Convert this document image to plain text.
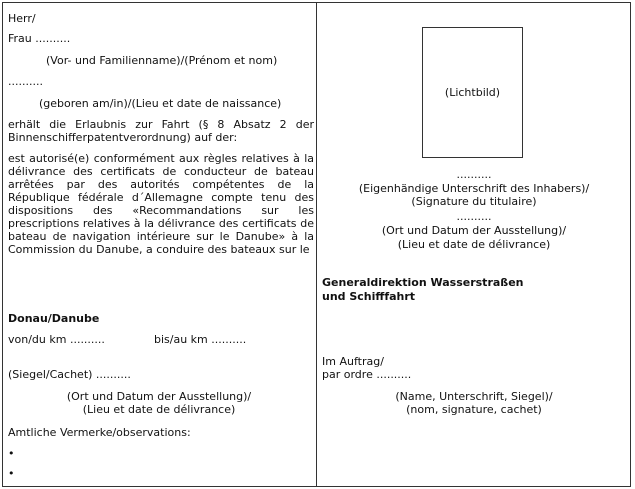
Herr/
Frau ..........
(Vor- und Familienname)/(Prénom et nom)
..........
(geboren am/in)/(Lieu et date de naissance)
erhält die Erlaubnis zur Fahrt (§ 8 Absatz 2 der Binnenschifferpatentverordnung) auf der:
est autorisé(e) conformément aux règles relatives à la délivrance des certificats de conducteur de bateau arrêtées par des autorités compétentes de la République fédérale d´Allemagne compte tenu des dispositions des «Recommandations sur les prescriptions relatives à la délivrance des certificats de bateau de navigation intérieure sur le Danube» à la Commission du Danube, a conduire des bateaux sur le
Donau/Danube
von/du km ..........	bis/au km ..........
(Siegel/Cachet) ..........
(Ort und Datum der Ausstellung)/
(Lieu et date de délivrance)
Amtliche Vermerke/observations:
•
•
(Lichtbild)
..........
(Eigenhändige Unterschrift des Inhabers)/
(Signature du titulaire)
..........
(Ort und Datum der Ausstellung)/
(Lieu et date de délivrance)
Generaldirektion Wasserstraßen
und Schifffahrt
Im Auftrag/
par ordre ..........
(Name, Unterschrift, Siegel)/
(nom, signature, cachet)
